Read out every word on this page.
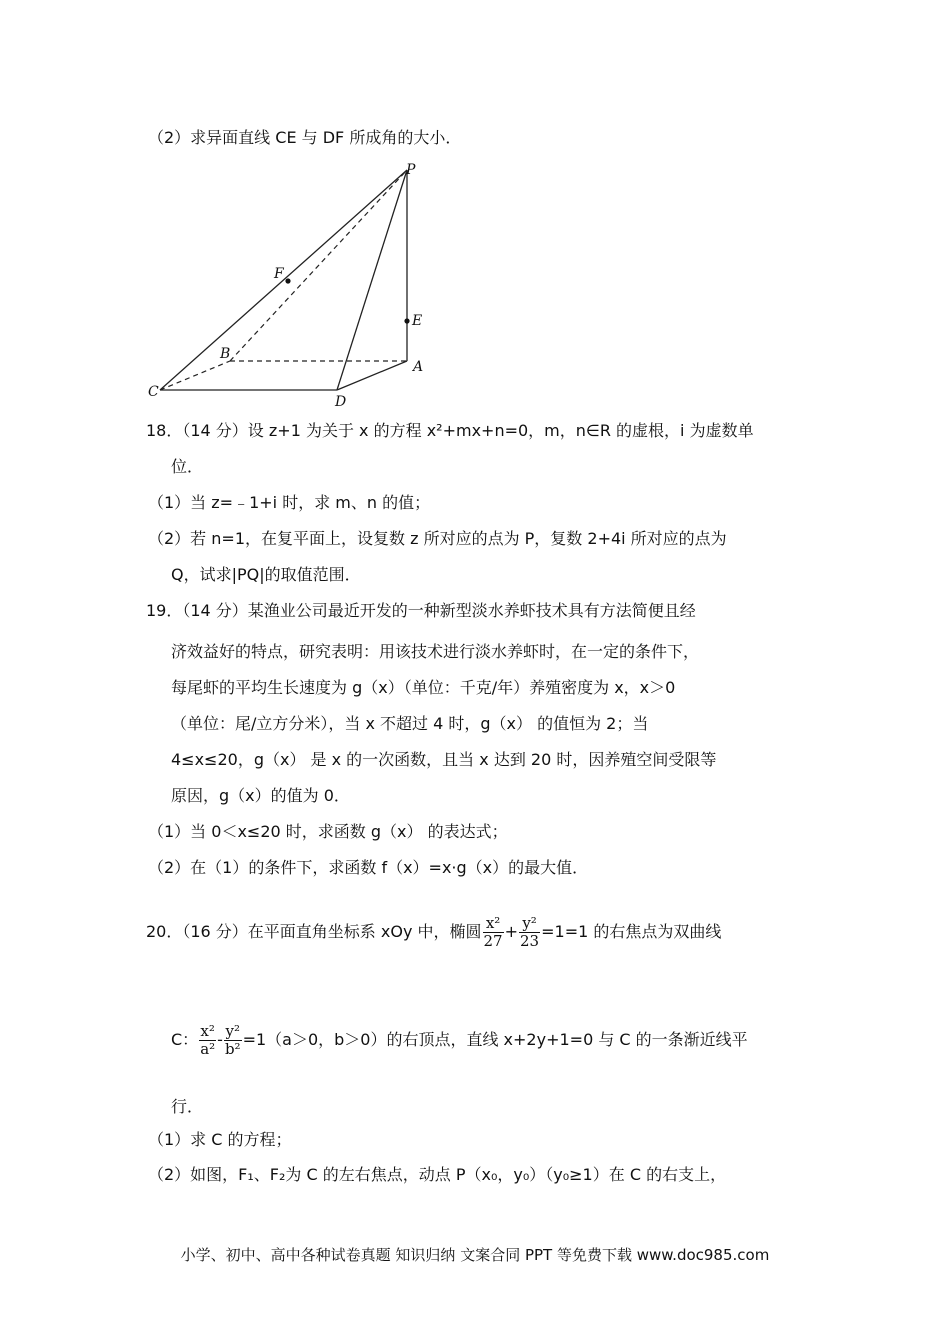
（2）求异面直线 CE 与 DF 所成角的大小．
P
F
E
B
A
C
D
18．（14 分）设 z+1 为关于 x 的方程 x²+mx+n=0，m，n∈R 的虚根，i 为虚数单
位．
（1）当 z=﹣1+i 时，求 m、n 的值；
（2）若 n=1，在复平面上，设复数 z 所对应的点为 P，复数 2+4i 所对应的点为
Q，试求|PQ|的取值范围．
19．（14 分）某渔业公司最近开发的一种新型淡水养虾技术具有方法简便且经
济效益好的特点，研究表明：用该技术进行淡水养虾时，在一定的条件下，
每尾虾的平均生长速度为 g（x）（单位：千克/年）养殖密度为 x，x＞0
（单位：尾/立方分米），当 x 不超过 4 时，g（x） 的值恒为 2；当
4≤x≤20，g（x） 是 x 的一次函数，且当 x 达到 20 时，因养殖空间受限等
原因，g（x）的值为 0．
（1）当 0＜x≤20 时，求函数 g（x） 的表达式；
（2）在（1）的条件下，求函数 f（x）=x·g（x）的最大值．
20．（16 分）在平面直角坐标系 xOy 中，椭圆 $\frac{\text{x²}}{27} + \frac{\text{y²}}{23} =1=1$ 的右焦点为双曲线
C： $\frac{\text{x²}}{\text{a²}} - \frac{\text{y²}}{\text{b²}} =1(a>0$，b＞0）的右顶点，直线 x+2y+1=0 与 C 的一条渐近线平
行．
（1）求 C 的方程；
（2）如图，F₁、F₂为 C 的左右焦点，动点 P（x₀，y₀）（y₀≥1）在 C 的右支上，
小学、初中、高中各种试卷真题 知识归纳 文案合同 PPT 等免费下载 www.doc985.com
